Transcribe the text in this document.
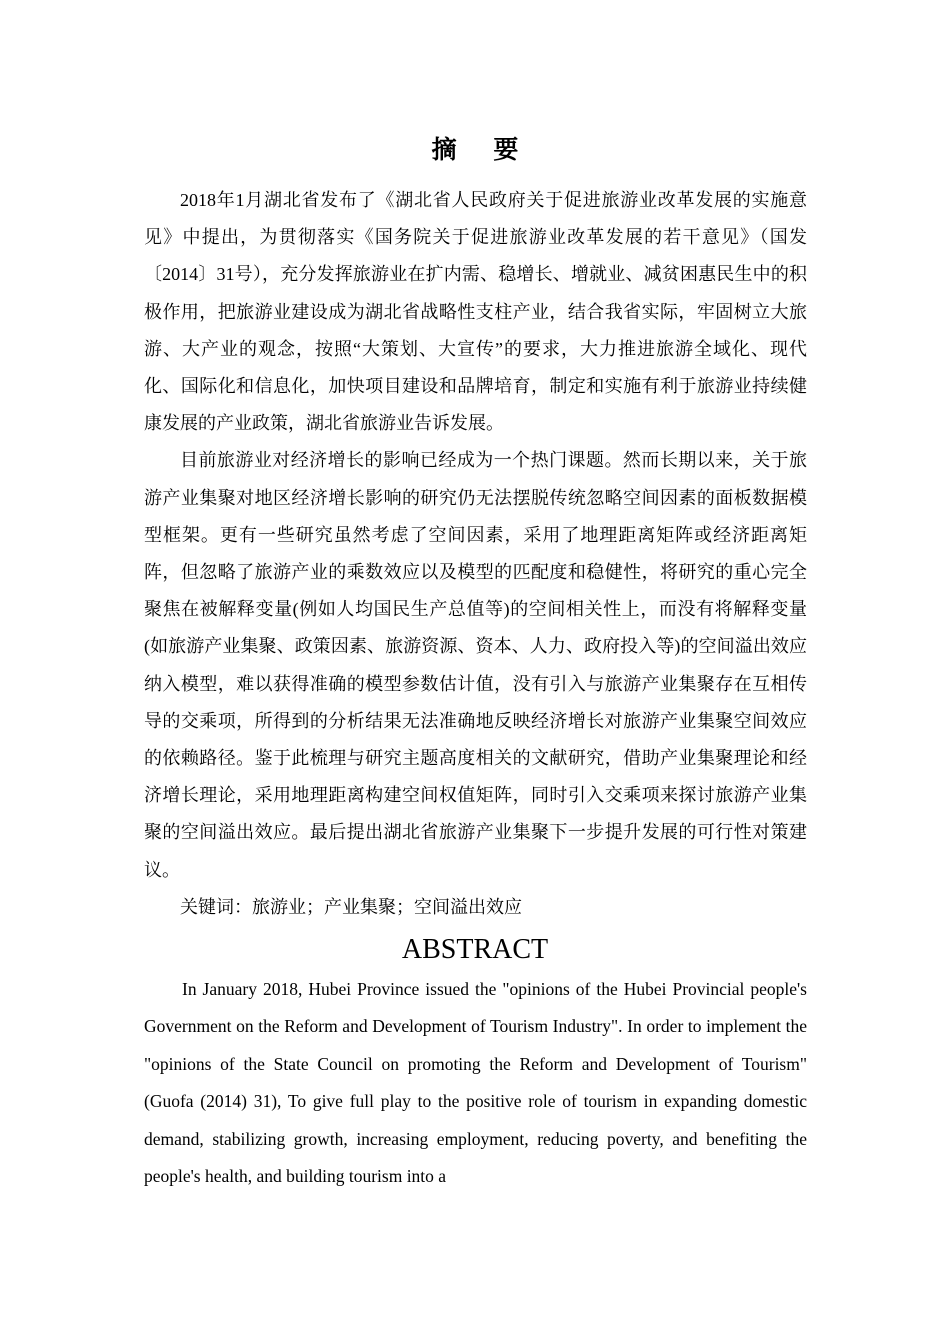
摘 要

2018年1月湖北省发布了《湖北省人民政府关于促进旅游业改革发展的实施意见》中提出，为贯彻落实《国务院关于促进旅游业改革发展的若干意见》（国发〔2014〕31号），充分发挥旅游业在扩内需、稳增长、增就业、减贫困惠民生中的积极作用，把旅游业建设成为湖北省战略性支柱产业，结合我省实际，牢固树立大旅游、大产业的观念，按照“大策划、大宣传”的要求，大力推进旅游全域化、现代化、国际化和信息化，加快项目建设和品牌培育，制定和实施有利于旅游业持续健康发展的产业政策，湖北省旅游业告诉发展。

目前旅游业对经济增长的影响已经成为一个热门课题。然而长期以来，关于旅游产业集聚对地区经济增长影响的研究仍无法摆脱传统忽略空间因素的面板数据模型框架。更有一些研究虽然考虑了空间因素，采用了地理距离矩阵或经济距离矩阵，但忽略了旅游产业的乘数效应以及模型的匹配度和稳健性，将研究的重心完全聚焦在被解释变量(例如人均国民生产总值等)的空间相关性上，而没有将解释变量(如旅游产业集聚、政策因素、旅游资源、资本、人力、政府投入等)的空间溢出效应纳入模型，难以获得准确的模型参数估计值，没有引入与旅游产业集聚存在互相传导的交乘项，所得到的分析结果无法准确地反映经济增长对旅游产业集聚空间效应的依赖路径。鉴于此梳理与研究主题高度相关的文献研究，借助产业集聚理论和经济增长理论，采用地理距离构建空间权值矩阵，同时引入交乘项来探讨旅游产业集聚的空间溢出效应。最后提出湖北省旅游产业集聚下一步提升发展的可行性对策建议。

关键词：旅游业；产业集聚；空间溢出效应

ABSTRACT

In January 2018, Hubei Province issued the "opinions of the Hubei Provincial people's Government on the Reform and Development of Tourism Industry". In order to implement the "opinions of the State Council on promoting the Reform and Development of Tourism" (Guofa (2014) 31), To give full play to the positive role of tourism in expanding domestic demand, stabilizing growth, increasing employment, reducing poverty, and benefiting the people's health, and building tourism into a
